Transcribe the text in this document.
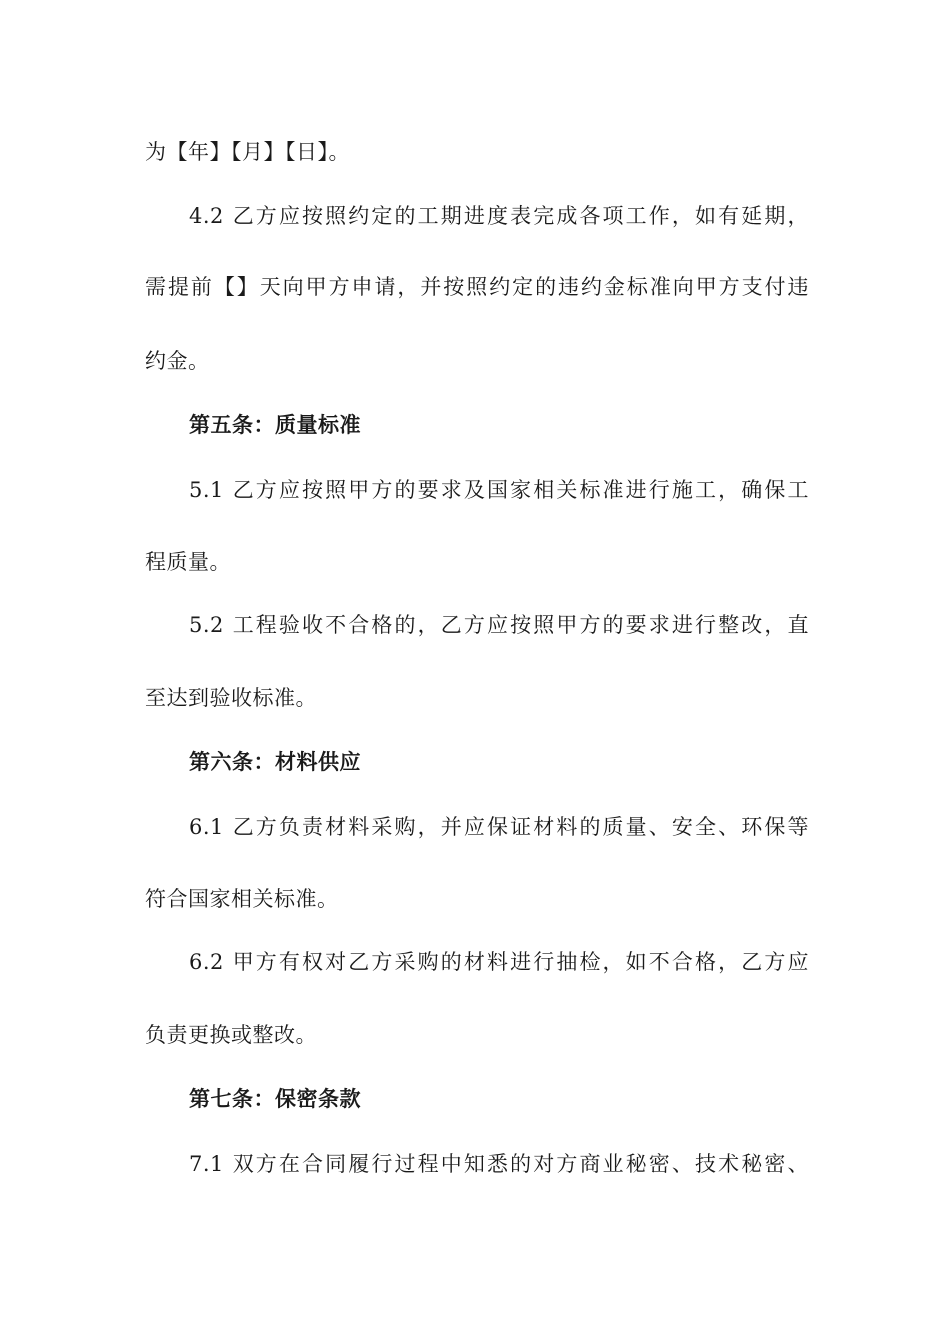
为【年】【月】【日】。
4.2 乙方应按照约定的工期进度表完成各项工作，如有延期，
需提前【】天向甲方申请，并按照约定的违约金标准向甲方支付违
约金。
第五条：质量标准
5.1 乙方应按照甲方的要求及国家相关标准进行施工，确保工
程质量。
5.2 工程验收不合格的，乙方应按照甲方的要求进行整改，直
至达到验收标准。
第六条：材料供应
6.1 乙方负责材料采购，并应保证材料的质量、安全、环保等
符合国家相关标准。
6.2 甲方有权对乙方采购的材料进行抽检，如不合格，乙方应
负责更换或整改。
第七条：保密条款
7.1 双方在合同履行过程中知悉的对方商业秘密、技术秘密、
